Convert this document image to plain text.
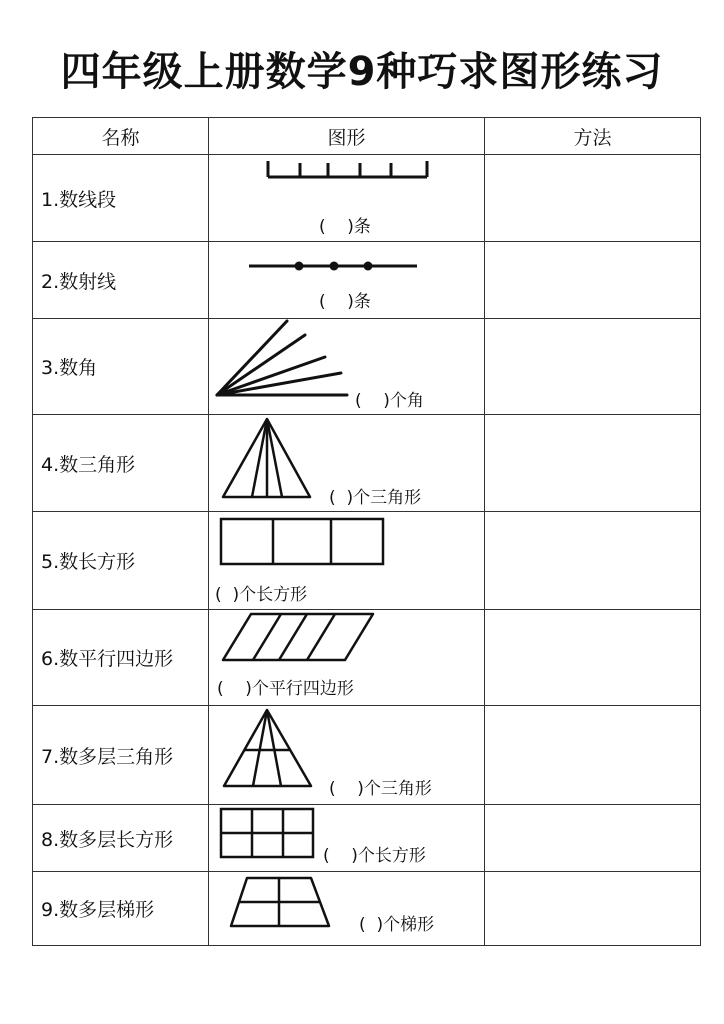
四年级上册数学9种巧求图形练习
名称	图形	方法
1.数线段	(    )条	

2.数射线	(    )条	

3.数角	(    )个角	

4.数三角形	(  )个三角形	

5.数长方形	(  )个长方形	

6.数平行四边形	(    )个平行四边形	

7.数多层三角形	(    )个三角形	

8.数多层长方形	(    )个长方形	

9.数多层梯形	(  )个梯形	
